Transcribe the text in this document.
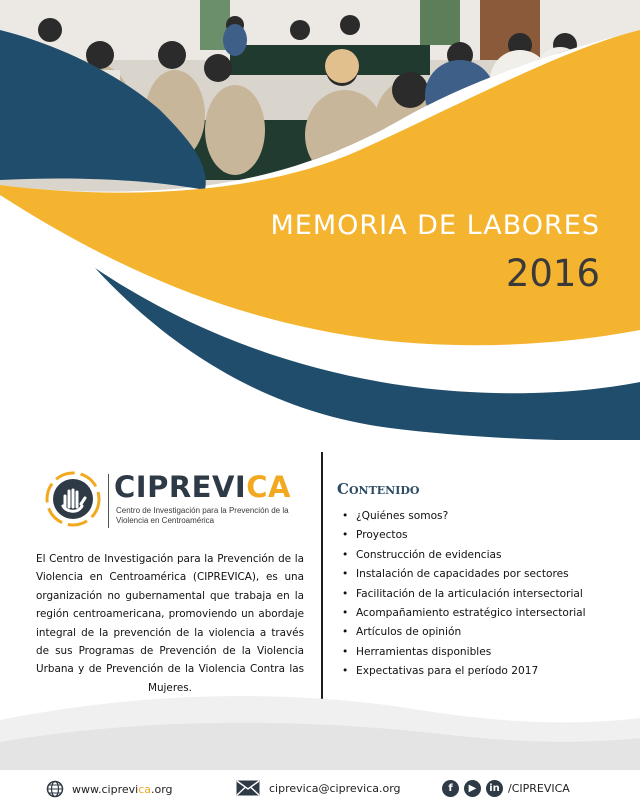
MEMORIA DE LABORES
2016
CIPREVICA
Centro de Investigación para la Prevención de la Violencia en Centroamérica
El Centro de Investigación para la Prevención de la Violencia en Centroamérica (CIPREVICA), es una organización no gubernamental que trabaja en la región centroamericana, promoviendo un abordaje integral de la prevención de la violencia a través de sus Programas de Prevención de la Violencia Urbana y de Prevención de la Violencia Contra las Mujeres.
Contenido
• ¿Quiénes somos?
• Proyectos
• Construcción de evidencias
• Instalación de capacidades por sectores
• Facilitación de la articulación intersectorial
• Acompañamiento estratégico intersectorial
• Artículos de opinión
• Herramientas disponibles
• Expectativas para el período 2017
www.ciprevica.org	ciprevica@ciprevica.org	f	▶	in /CIPREVICA
